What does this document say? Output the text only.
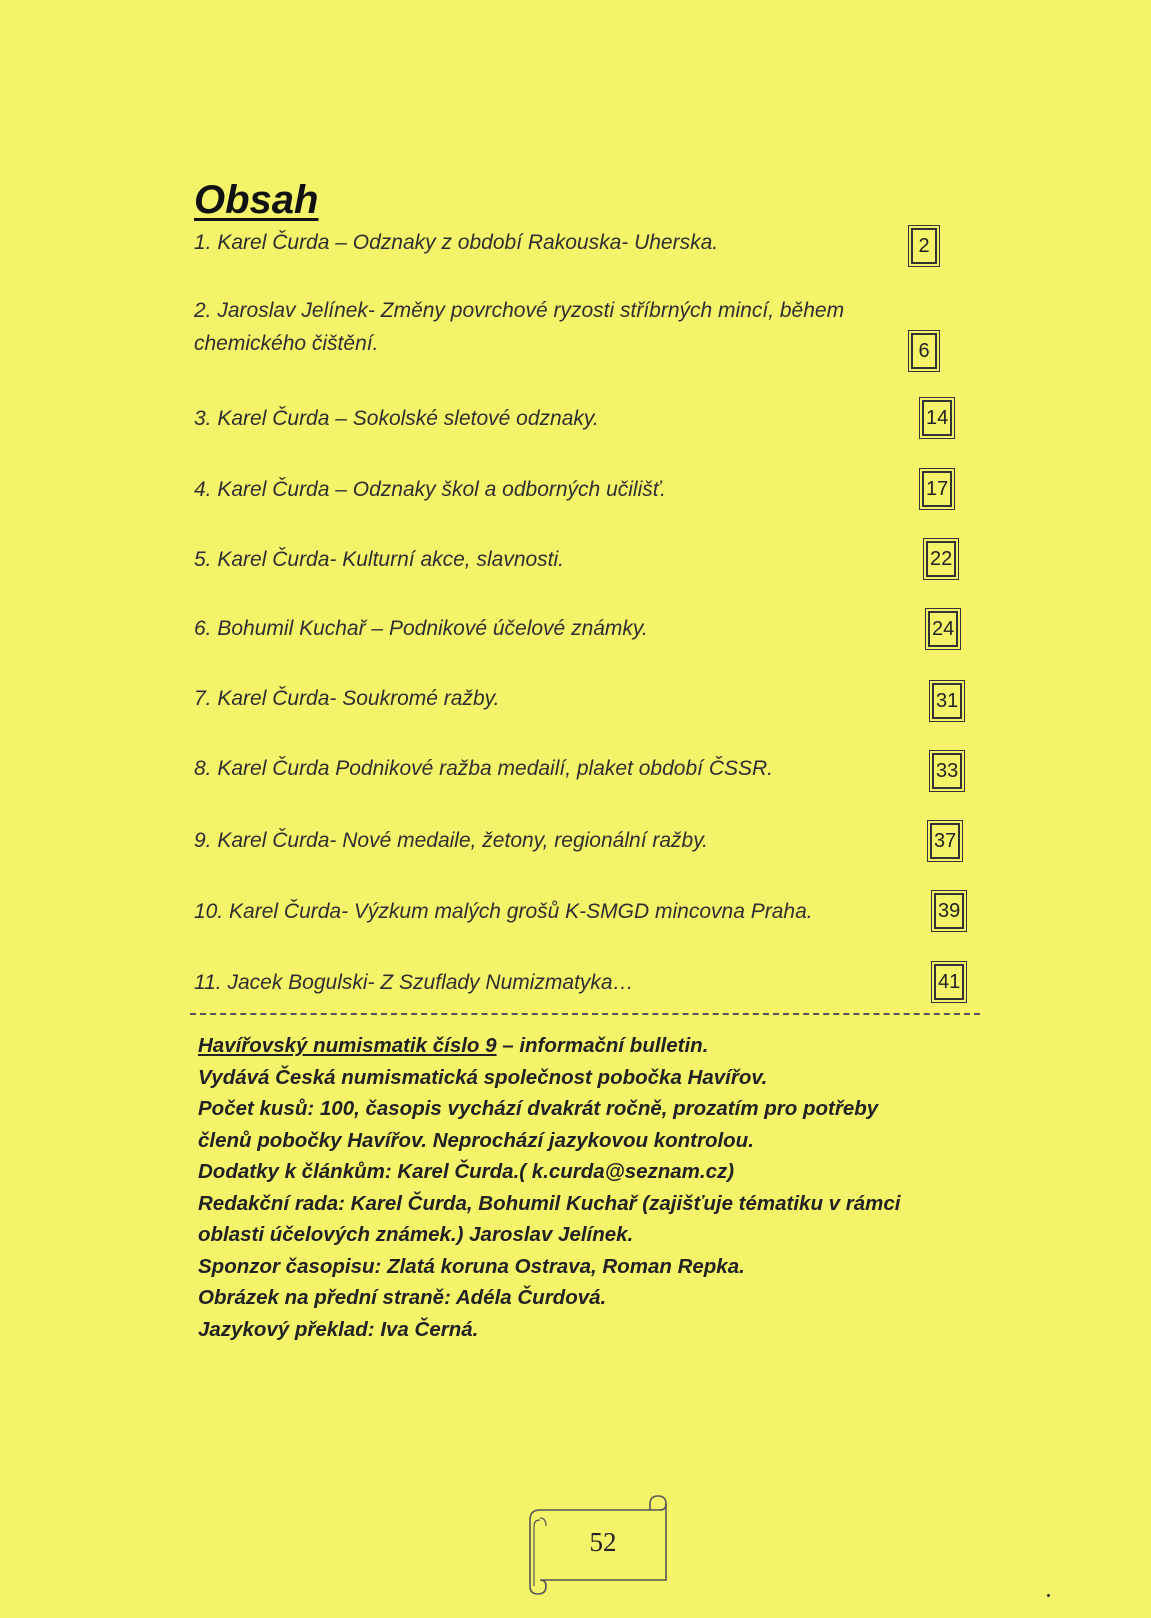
Obsah
1. Karel Čurda – Odznaky z období Rakouska- Uherska.	2
2. Jaroslav Jelínek- Změny povrchové ryzosti stříbrných mincí, během
chemického čištění.	6
3. Karel Čurda – Sokolské sletové odznaky.	14
4. Karel Čurda – Odznaky škol a odborných učilišť.	17
5. Karel Čurda- Kulturní akce, slavnosti.	22
6. Bohumil Kuchař – Podnikové účelové známky.	24
7. Karel Čurda- Soukromé ražby.	31
8. Karel Čurda Podnikové ražba medailí, plaket období ČSSR.	33
9. Karel Čurda- Nové medaile, žetony, regionální ražby.	37
10. Karel Čurda- Výzkum malých grošů K-SMGD mincovna Praha.	39
11. Jacek Bogulski- Z Szuflady Numizmatyka…	41
Havířovský numismatik číslo 9 – informační bulletin.
Vydává Česká numismatická společnost pobočka Havířov.
Počet kusů: 100, časopis vychází dvakrát ročně, prozatím pro potřeby
členů pobočky Havířov. Neprochází jazykovou kontrolou.
Dodatky k článkům: Karel Čurda.( k.curda@seznam.cz)
Redakční rada: Karel Čurda, Bohumil Kuchař (zajišťuje tématiku v rámci
oblasti účelových známek.) Jaroslav Jelínek.
Sponzor časopisu: Zlatá koruna Ostrava, Roman Repka.
Obrázek na přední straně: Adéla Čurdová.
Jazykový překlad: Iva Černá.
52
